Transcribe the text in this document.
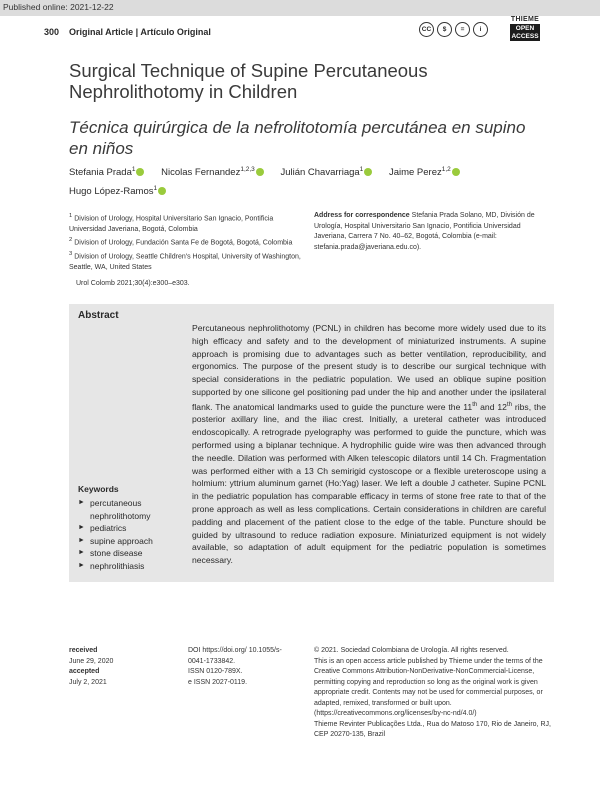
Published online: 2021-12-22
300 Original Article | Artículo Original	CC	$	=	i
THIEME
OPEN ACCESS
Surgical Technique of Supine Percutaneous Nephrolithotomy in Children
Técnica quirúrgica de la nefrolitotomía percutánea en supino en niños
Stefania Prada$^1$	Nicolas Fernandez$^{1,2,3}$	Julián Chavarriaga$^1$	Jaime Perez$^{1,2}$ Hugo López-Ramos$^1$
$^1$ Division of Urology, Hospital Universitario San Ignacio, Pontificia Universidad Javeriana, Bogotá, Colombia
$^2$ Division of Urology, Fundación Santa Fe de Bogotá, Bogotá, Colombia
$^3$ Division of Urology, Seattle Children's Hospital, University of Washington, Seattle, WA, United States
Address for correspondence Stefania Prada Solano, MD, División de Urología, Hospital Universitario San Ignacio, Pontificia Universidad Javeriana, Carrera 7 No. 40–62, Bogotá, Colombia (e-mail: stefania.prada@javeriana.edu.co).
Urol Colomb 2021;30(4):e300–e303.
Abstract
Percutaneous nephrolithotomy (PCNL) in children has become more widely used due to its high efficacy and safety and to the development of miniaturized instruments. A supine approach is promising due to advantages such as better ventilation, reproducibility, and ergonomics. The purpose of the present study is to describe our surgical technique with special considerations in the pediatric population. We used an oblique supine position supported by one silicone gel positioning pad under the hip and another under the ipsilateral flank. The anatomical landmarks used to guide the puncture were the 11th and 12th ribs, the posterior axillary line, and the iliac crest. Initially, a ureteral catheter was introduced endoscopically. A retrograde pyelography was performed to guide the puncture, which was performed using a biplanar technique. A hydrophilic guide wire was then advanced through the needle. Dilation was performed with Alken telescopic dilators until 14 Ch. Fragmentation was performed either with a 13 Ch semirigid cystoscope or a flexible ureteroscope using a holmium: yttrium aluminum garnet (Ho:Yag) laser. We left a double J catheter. Supine PCNL in the pediatric population has comparable efficacy in terms of stone free rate to that of the prone approach as well as less complications. Certain considerations in children are careful padding and placement of the patient close to the edge of the table. Puncture should be guided by ultrasound to reduce radiation exposure. Miniaturized equipment is not widely available, so adaptation of adult equipment for the pediatric population is sometimes necessary.
Keywords
► percutaneous nephrolithotomy
► pediatrics
► supine approach
► stone disease
► nephrolithiasis
received
June 29, 2020
accepted
July 2, 2021
DOI https://doi.org/ 10.1055/s-0041-1733842.
ISSN 0120-789X.
e ISSN 2027-0119.
© 2021. Sociedad Colombiana de Urología. All rights reserved.
This is an open access article published by Thieme under the terms of the Creative Commons Attribution-NonDerivative-NonCommercial-License, permitting copying and reproduction so long as the original work is given appropriate credit. Contents may not be used for commercial purposes, or adapted, remixed, transformed or built upon. (https://creativecommons.org/licenses/by-nc-nd/4.0/)
Thieme Revinter Publicações Ltda., Rua do Matoso 170, Rio de Janeiro, RJ, CEP 20270-135, Brazil
